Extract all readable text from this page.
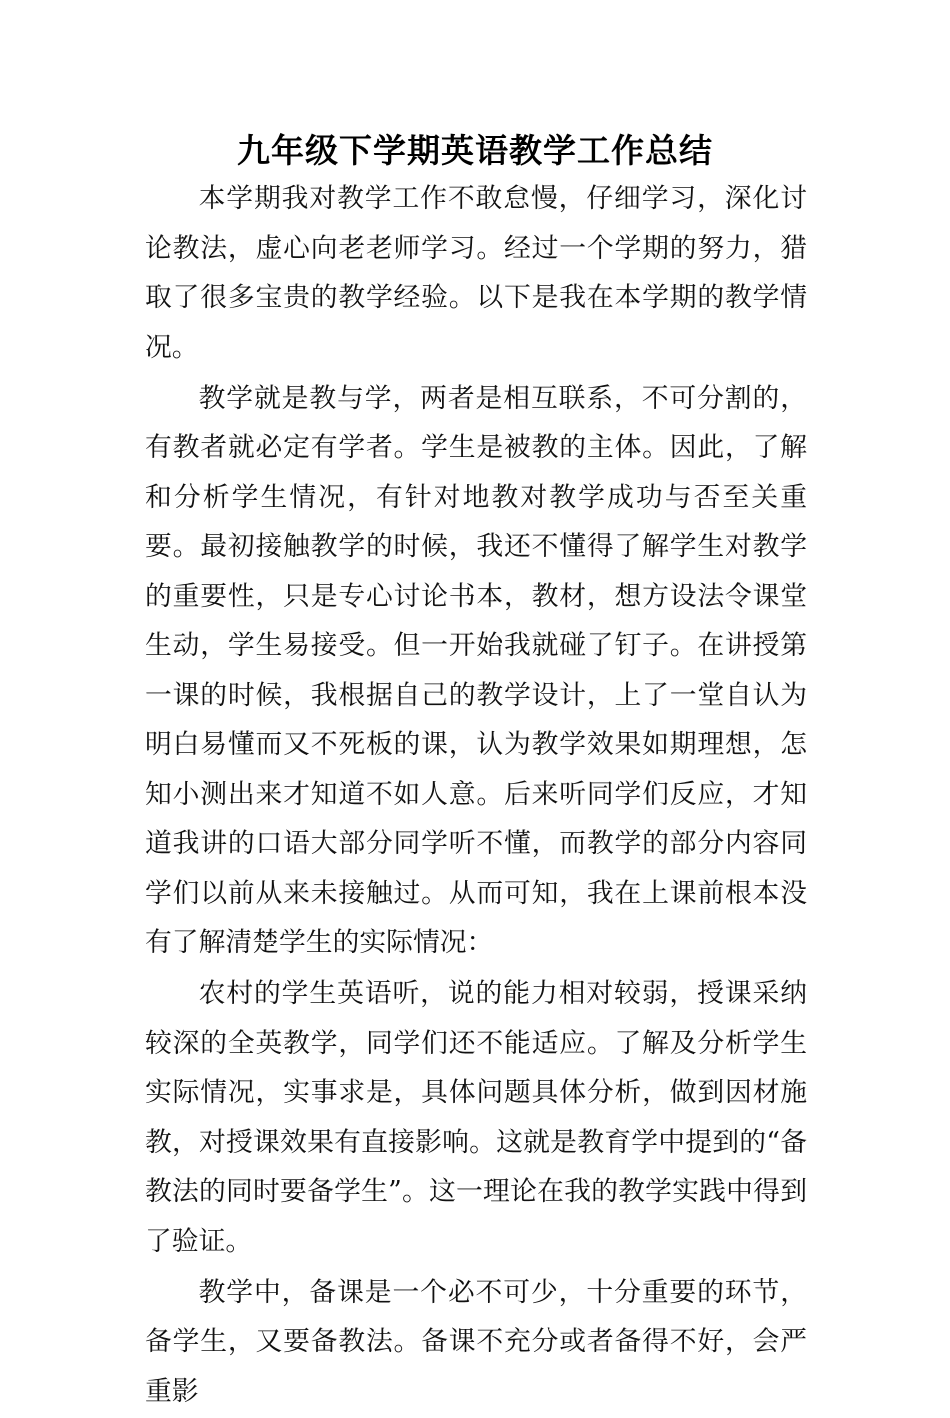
九年级下学期英语教学工作总结

本学期我对教学工作不敢怠慢，仔细学习，深化讨论教法，虚心向老老师学习。经过一个学期的努力，猎取了很多宝贵的教学经验。以下是我在本学期的教学情况。

教学就是教与学，两者是相互联系，不可分割的，有教者就必定有学者。学生是被教的主体。因此，了解和分析学生情况，有针对地教对教学成功与否至关重要。最初接触教学的时候，我还不懂得了解学生对教学的重要性，只是专心讨论书本，教材，想方设法令课堂生动，学生易接受。但一开始我就碰了钉子。在讲授第一课的时候，我根据自己的教学设计，上了一堂自认为明白易懂而又不死板的课，认为教学效果如期理想，怎知小测出来才知道不如人意。后来听同学们反应，才知道我讲的口语大部分同学听不懂，而教学的部分内容同学们以前从来未接触过。从而可知，我在上课前根本没有了解清楚学生的实际情况：

农村的学生英语听，说的能力相对较弱，授课采纳较深的全英教学，同学们还不能适应。了解及分析学生实际情况，实事求是，具体问题具体分析，做到因材施教，对授课效果有直接影响。这就是教育学中提到的“备教法的同时要备学生”。这一理论在我的教学实践中得到了验证。

教学中，备课是一个必不可少，十分重要的环节，备学生，又要备教法。备课不充分或者备得不好，会严重影
